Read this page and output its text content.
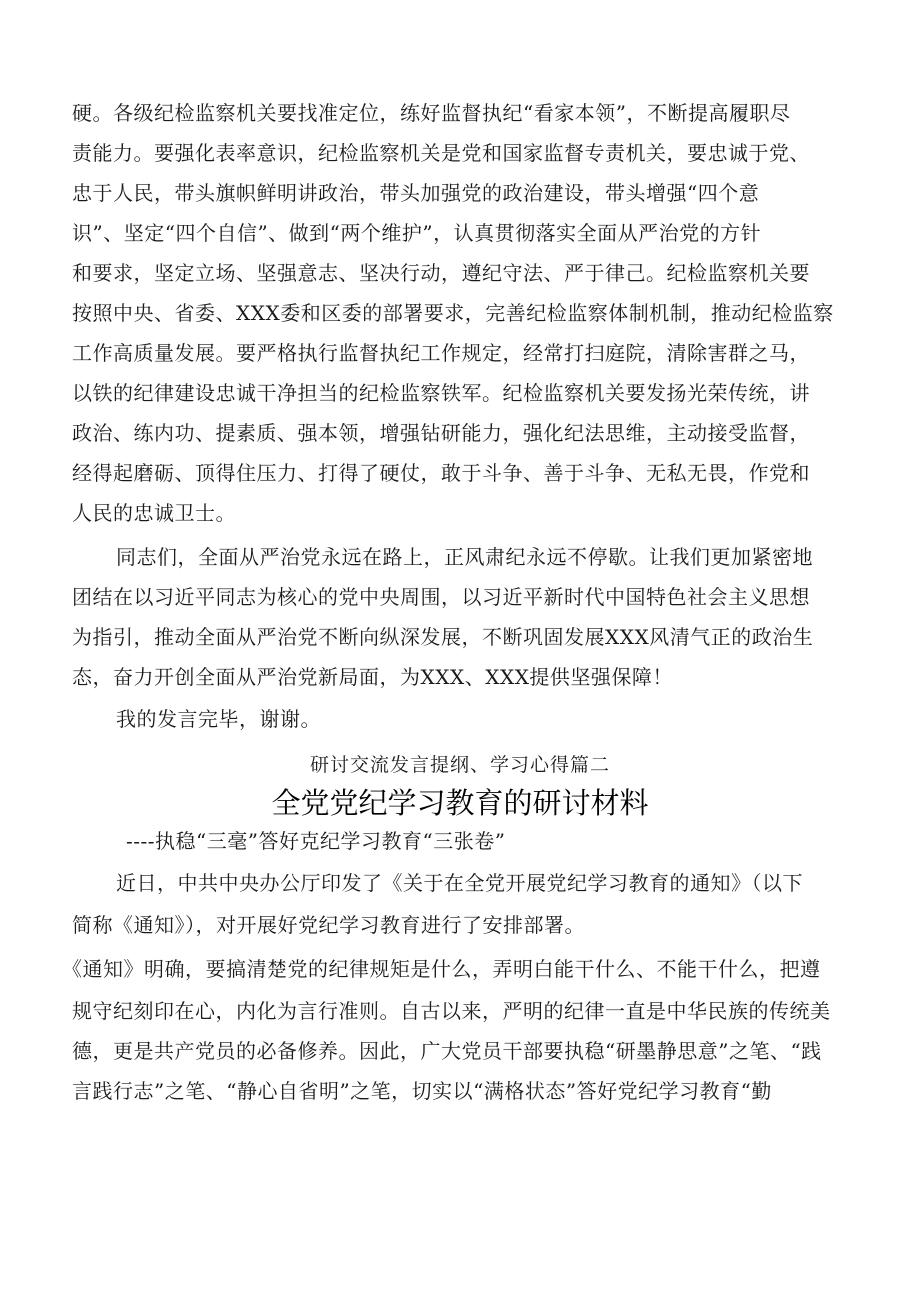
硬。各级纪检监察机关要找准定位，练好监督执纪“看家本领”，不断提高履职尽
责能力。要强化表率意识，纪检监察机关是党和国家监督专责机关，要忠诚于党、
忠于人民，带头旗帜鲜明讲政治，带头加强党的政治建设，带头增强“四个意
识”、坚定“四个自信”、做到“两个维护”，认真贯彻落实全面从严治党的方针
和要求，坚定立场、坚强意志、坚决行动，遵纪守法、严于律己。纪检监察机关要
按照中央、省委、XXX委和区委的部署要求，完善纪检监察体制机制，推动纪检监察
工作高质量发展。要严格执行监督执纪工作规定，经常打扫庭院，清除害群之马，
以铁的纪律建设忠诚干净担当的纪检监察铁军。纪检监察机关要发扬光荣传统，讲
政治、练内功、提素质、强本领，增强钻研能力，强化纪法思维，主动接受监督，
经得起磨砺、顶得住压力、打得了硬仗，敢于斗争、善于斗争、无私无畏，作党和
人民的忠诚卫士。
同志们，全面从严治党永远在路上，正风肃纪永远不停歇。让我们更加紧密地
团结在以习近平同志为核心的党中央周围，以习近平新时代中国特色社会主义思想
为指引，推动全面从严治党不断向纵深发展，不断巩固发展XXX风清气正的政治生
态，奋力开创全面从严治党新局面，为XXX、XXX提供坚强保障！
我的发言完毕，谢谢。
研讨交流发言提纲、学习心得篇二
全党党纪学习教育的研讨材料
----执稳“三毫”答好克纪学习教育“三张卷”
近日，中共中央办公厅印发了《关于在全党开展党纪学习教育的通知》（以下
简称《通知》），对开展好党纪学习教育进行了安排部署。
《通知》明确，要搞清楚党的纪律规矩是什么，弄明白能干什么、不能干什么，把遵
规守纪刻印在心，内化为言行准则。自古以来，严明的纪律一直是中华民族的传统美
德，更是共产党员的必备修养。因此，广大党员干部要执稳“研墨静思意”之笔、“践
言践行志”之笔、“静心自省明”之笔，切实以“满格状态”答好党纪学习教育“勤
